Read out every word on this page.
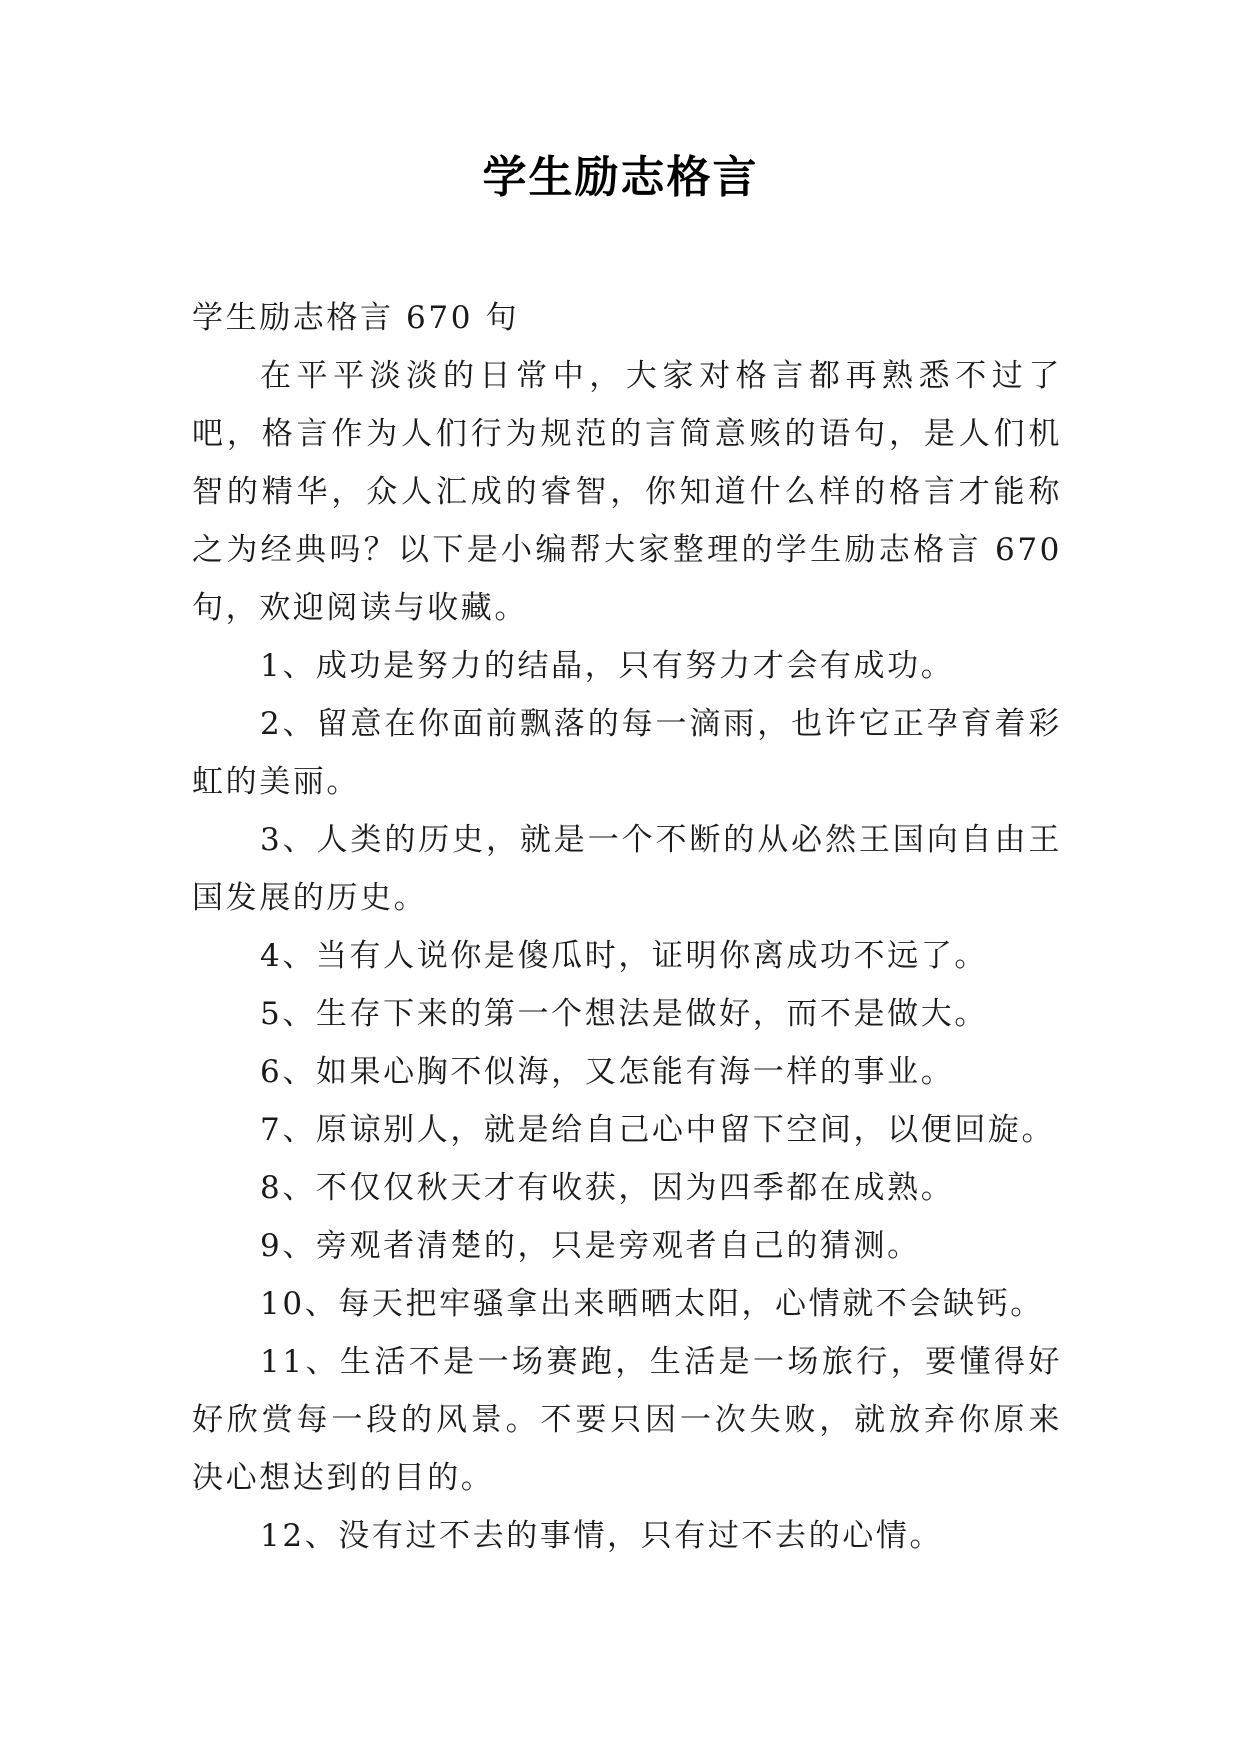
学生励志格言

学生励志格言 670 句

在平平淡淡的日常中，大家对格言都再熟悉不过了吧，格言作为人们行为规范的言简意赅的语句，是人们机智的精华，众人汇成的睿智，你知道什么样的格言才能称之为经典吗？以下是小编帮大家整理的学生励志格言 670 句，欢迎阅读与收藏。

1、成功是努力的结晶，只有努力才会有成功。

2、留意在你面前飘落的每一滴雨，也许它正孕育着彩虹的美丽。

3、人类的历史，就是一个不断的从必然王国向自由王国发展的历史。

4、当有人说你是傻瓜时，证明你离成功不远了。

5、生存下来的第一个想法是做好，而不是做大。

6、如果心胸不似海，又怎能有海一样的事业。

7、原谅别人，就是给自己心中留下空间，以便回旋。

8、不仅仅秋天才有收获，因为四季都在成熟。

9、旁观者清楚的，只是旁观者自己的猜测。

10、每天把牢骚拿出来晒晒太阳，心情就不会缺钙。

11、生活不是一场赛跑，生活是一场旅行，要懂得好好欣赏每一段的风景。不要只因一次失败，就放弃你原来决心想达到的目的。

12、没有过不去的事情，只有过不去的心情。
